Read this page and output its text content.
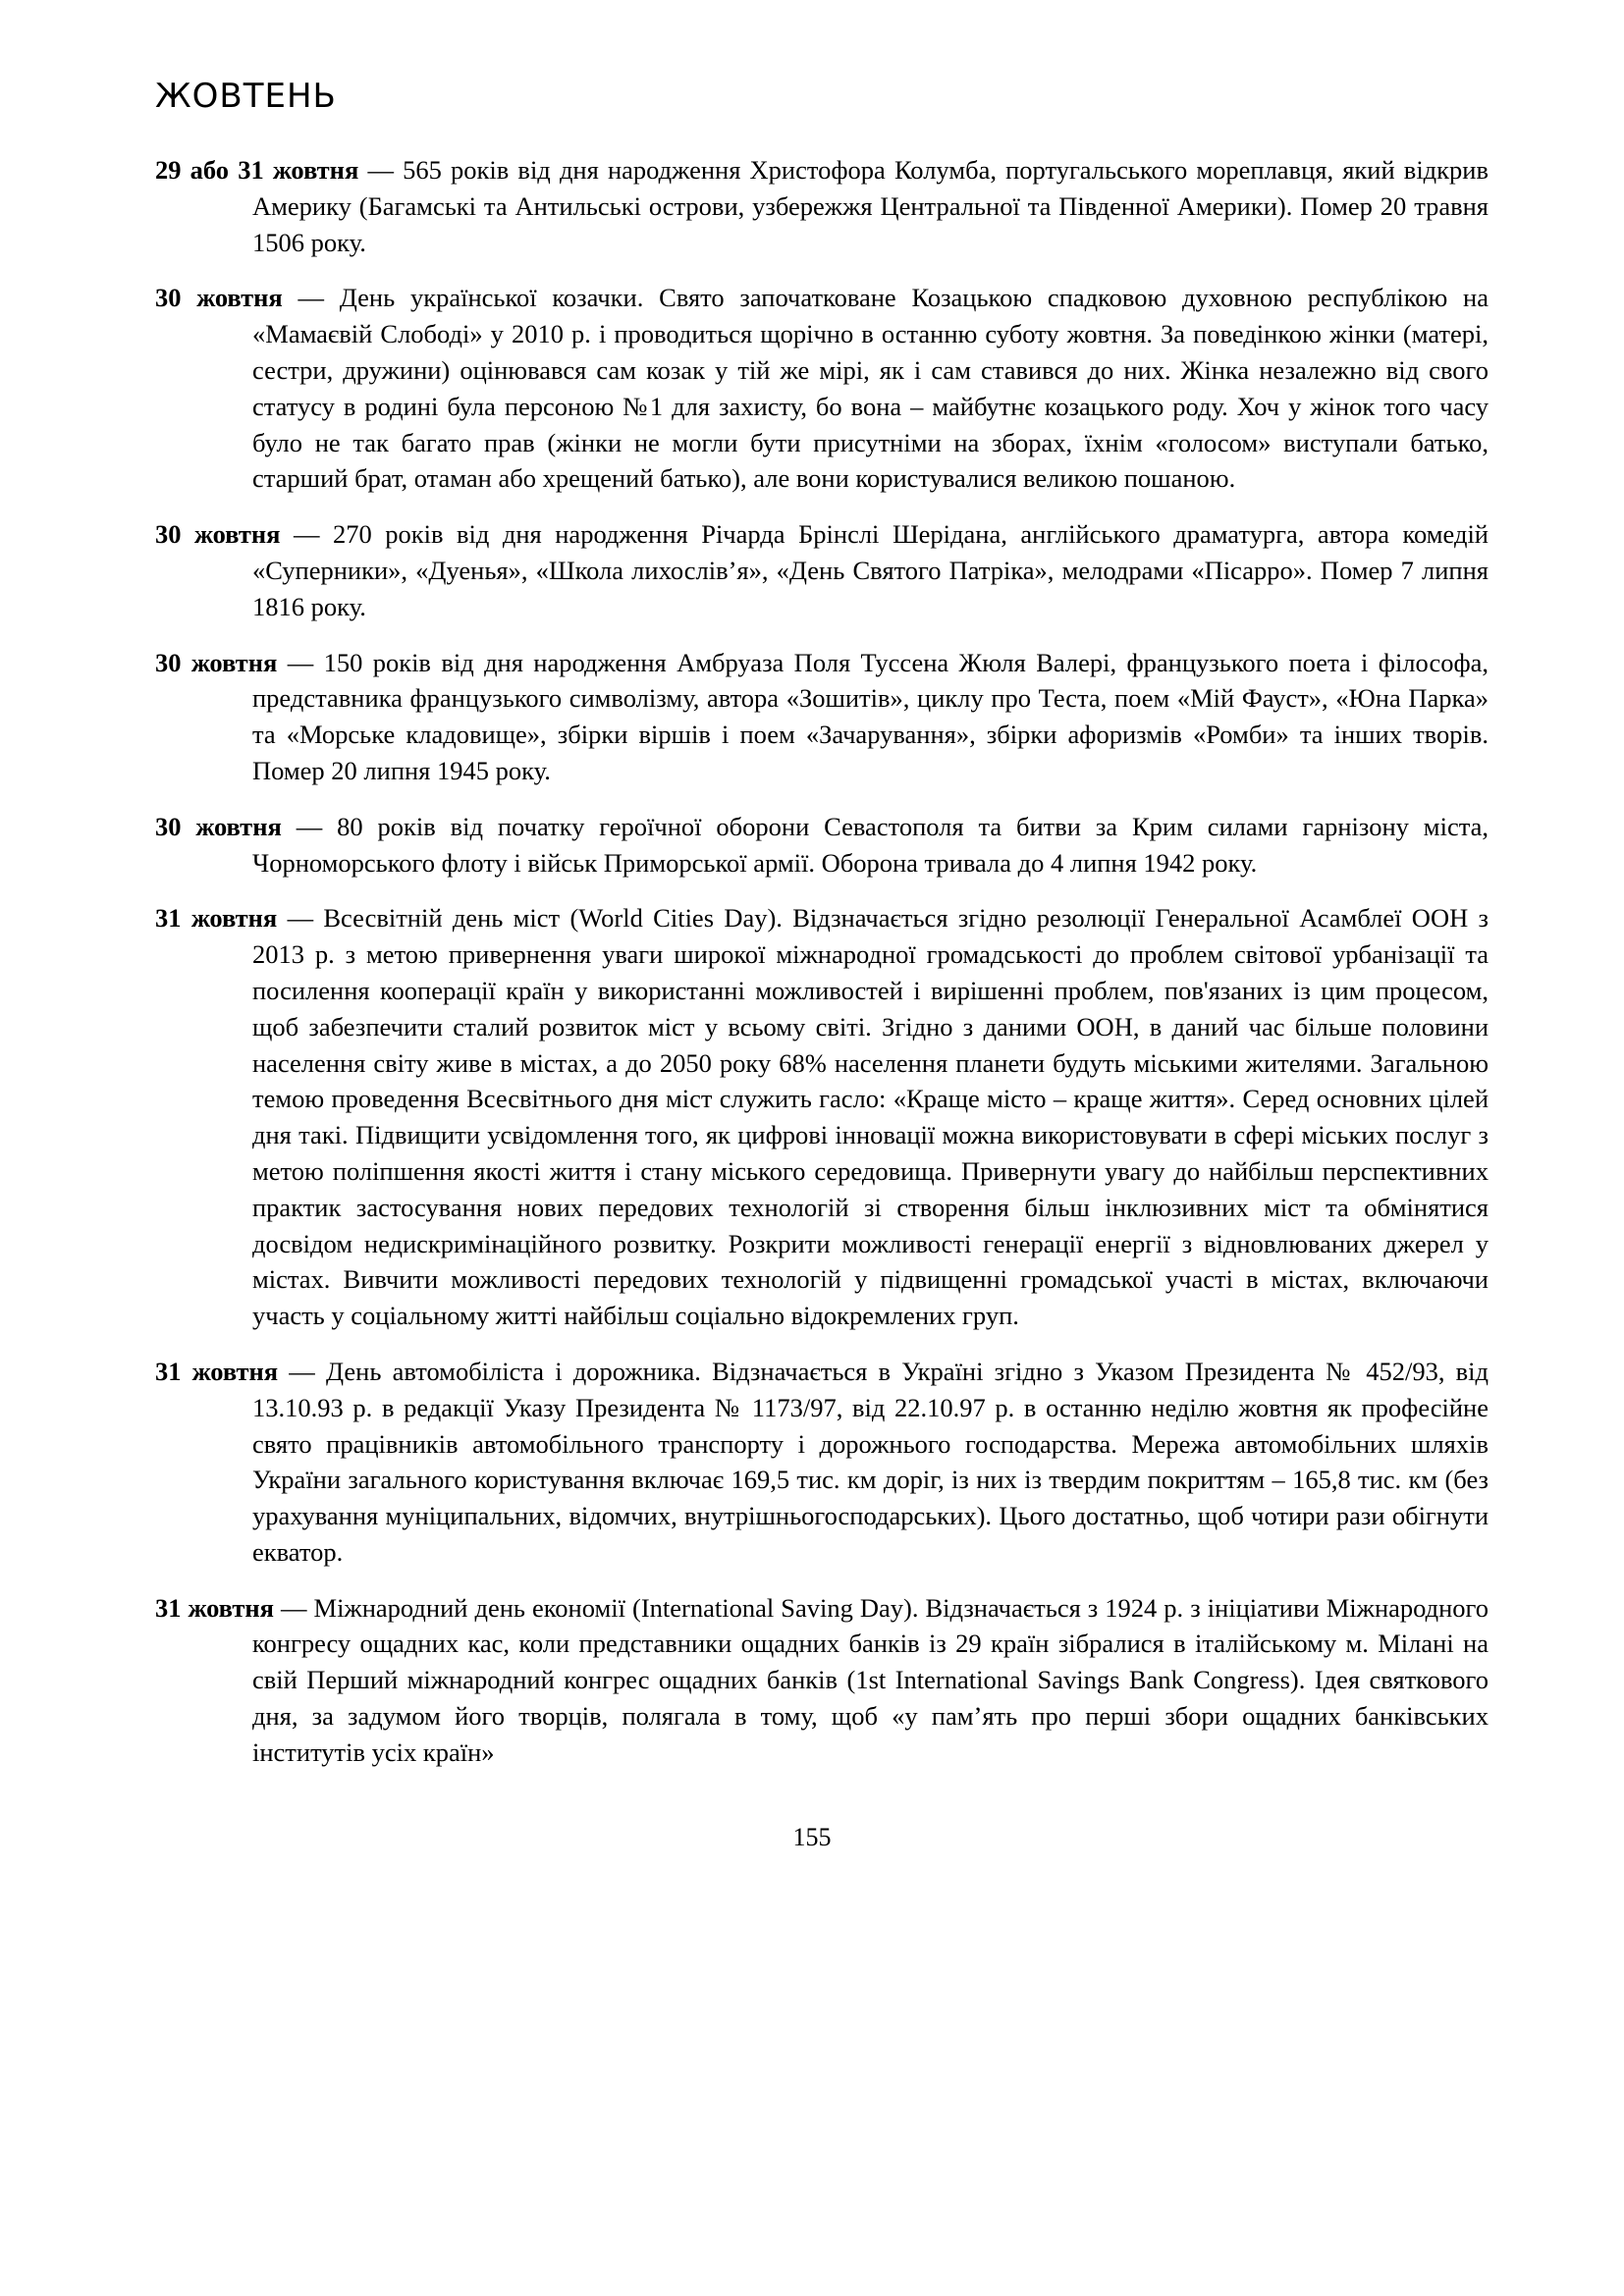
ЖОВТЕНЬ

29 або 31 жовтня — 565 років від дня народження Христофора Колумба, португальського мореплавця, який відкрив Америку (Багамські та Антильські острови, узбережжя Центральної та Південної Америки). Помер 20 травня 1506 року.

30 жовтня — День української козачки. Свято започатковане Козацькою спадковою духовною республікою на «Мамаєвій Слободі» у 2010 р. і проводиться щорічно в останню суботу жовтня. За поведінкою жінки (матері, сестри, дружини) оцінювався сам козак у тій же мірі, як і сам ставився до них. Жінка незалежно від свого статусу в родині була персоною №1 для захисту, бо вона – майбутнє козацького роду. Хоч у жінок того часу було не так багато прав (жінки не могли бути присутніми на зборах, їхнім «голосом» виступали батько, старший брат, отаман або хрещений батько), але вони користувалися великою пошаною.

30 жовтня — 270 років від дня народження Річарда Брінслі Шерідана, англійського драматурга, автора комедій «Суперники», «Дуенья», «Школа лихослів’я», «День Святого Патріка», мелодрами «Пісарро». Помер 7 липня 1816 року.

30 жовтня — 150 років від дня народження Амбруаза Поля Туссена Жюля Валері, французького поета і філософа, представника французького символізму, автора «Зошитів», циклу про Теста, поем «Мій Фауст», «Юна Парка» та «Морське кладовище», збірки віршів і поем «Зачарування», збірки афоризмів «Ромби» та інших творів. Помер 20 липня 1945 року.

30 жовтня — 80 років від початку героїчної оборони Севастополя та битви за Крим силами гарнізону міста, Чорноморського флоту і військ Приморської армії. Оборона тривала до 4 липня 1942 року.

31 жовтня — Всесвітній день міст (World Cities Day). Відзначається згідно резолюції Генеральної Асамблеї ООН з 2013 р. з метою привернення уваги широкої міжнародної громадськості до проблем світової урбанізації та посилення кооперації країн у використанні можливостей і вирішенні проблем, пов'язаних із цим процесом, щоб забезпечити сталий розвиток міст у всьому світі. Згідно з даними ООН, в даний час більше половини населення світу живе в містах, а до 2050 року 68% населення планети будуть міськими жителями. Загальною темою проведення Всесвітнього дня міст служить гасло: «Краще місто – краще життя». Серед основних цілей дня такі. Підвищити усвідомлення того, як цифрові інновації можна використовувати в сфері міських послуг з метою поліпшення якості життя і стану міського середовища. Привернути увагу до найбільш перспективних практик застосування нових передових технологій зі створення більш інклюзивних міст та обмінятися досвідом недискримінаційного розвитку. Розкрити можливості генерації енергії з відновлюваних джерел у містах. Вивчити можливості передових технологій у підвищенні громадської участі в містах, включаючи участь у соціальному житті найбільш соціально відокремлених груп.

31 жовтня — День автомобіліста і дорожника. Відзначається в Україні згідно з Указом Президента № 452/93, від 13.10.93 р. в редакції Указу Президента № 1173/97, від 22.10.97 р. в останню неділю жовтня як професійне свято працівників автомобільного транспорту і дорожнього господарства. Мережа автомобільних шляхів України загального користування включає 169,5 тис. км доріг, із них із твердим покриттям – 165,8 тис. км (без урахування муніципальних, відомчих, внутрішньогосподарських). Цього достатньо, щоб чотири рази обігнути екватор.

31 жовтня — Міжнародний день економії (International Saving Day). Відзначається з 1924 р. з ініціативи Міжнародного конгресу ощадних кас, коли представники ощадних банків із 29 країн зібралися в італійському м. Мілані на свій Перший міжнародний конгрес ощадних банків (1st International Savings Bank Congress). Ідея святкового дня, за задумом його творців, полягала в тому, щоб «у пам’ять про перші збори ощадних банківських інститутів усіх країн»

155
